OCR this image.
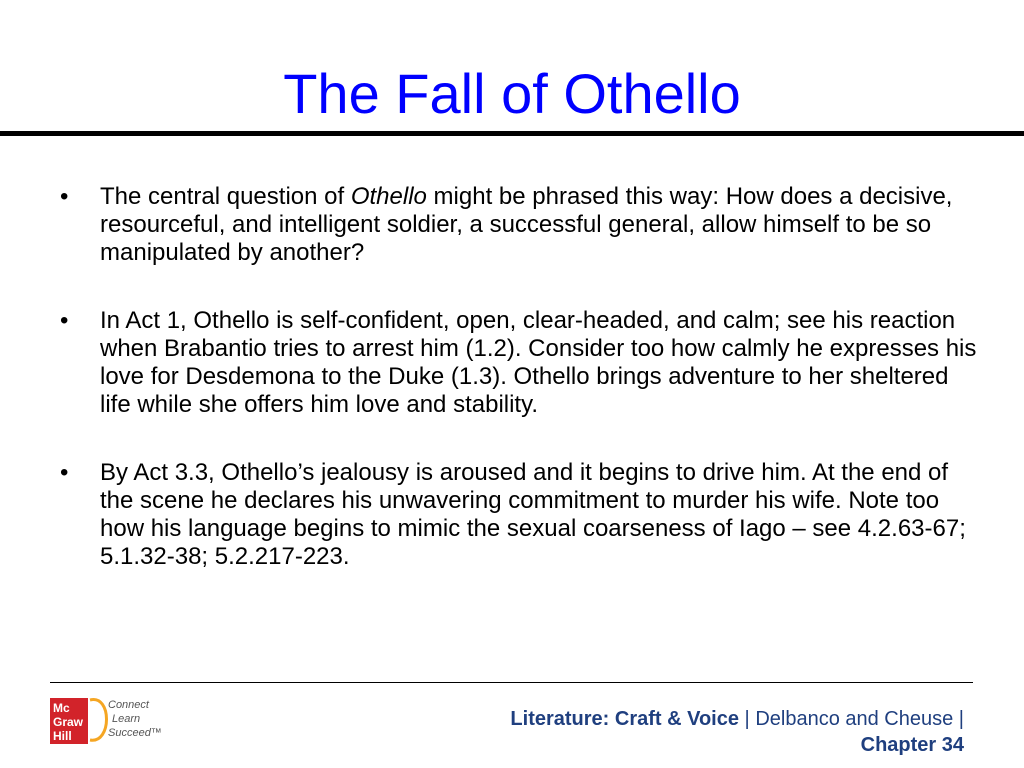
The Fall of Othello
•	The central question of Othello might be phrased this way: How does a decisive, resourceful, and intelligent soldier, a successful general, allow himself to be so manipulated by another?
•	In Act 1, Othello is self-confident, open, clear-headed, and calm; see his reaction when Brabantio tries to arrest him (1.2). Consider too how calmly he expresses his love for Desdemona to the Duke (1.3). Othello brings adventure to her sheltered life while she offers him love and stability.
•	By Act 3.3, Othello’s jealousy is aroused and it begins to drive him. At the end of the scene he declares his unwavering commitment to murder his wife. Note too how his language begins to mimic the sexual coarseness of Iago – see 4.2.63-67; 5.1.32-38; 5.2.217-223.
Mc
Graw
Hill
Connect
Learn
Succeed™
Literature: Craft & Voice | Delbanco and Cheuse |
Chapter 34
